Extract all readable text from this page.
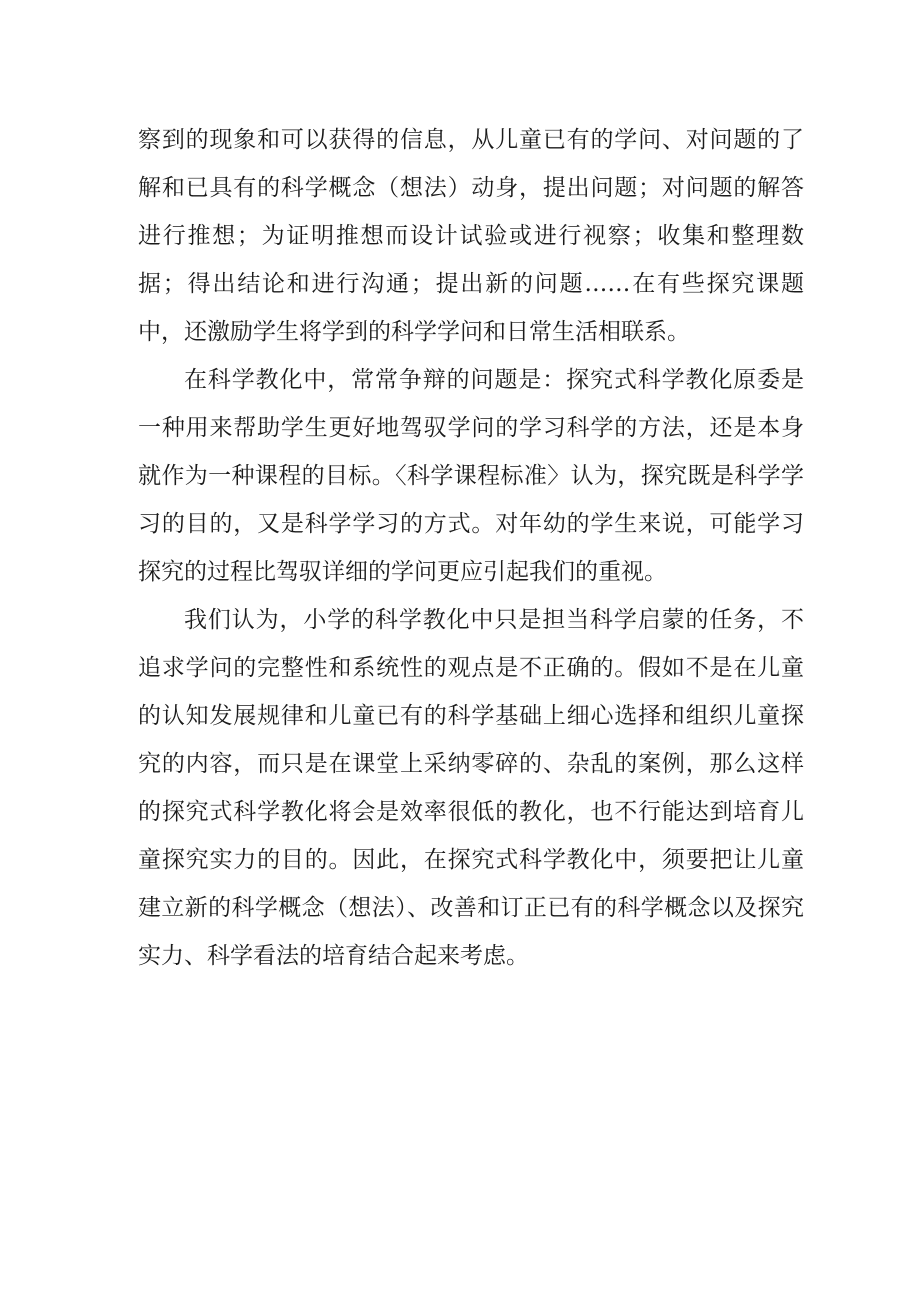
察到的现象和可以获得的信息，从儿童已有的学问、对问题的了解和已具有的科学概念（想法）动身，提出问题；对问题的解答进行推想；为证明推想而设计试验或进行视察；收集和整理数据；得出结论和进行沟通；提出新的问题……在有些探究课题中，还激励学生将学到的科学学问和日常生活相联系。

在科学教化中，常常争辩的问题是：探究式科学教化原委是一种用来帮助学生更好地驾驭学问的学习科学的方法，还是本身就作为一种课程的目标。〈科学课程标准〉认为，探究既是科学学习的目的，又是科学学习的方式。对年幼的学生来说，可能学习探究的过程比驾驭详细的学问更应引起我们的重视。

我们认为，小学的科学教化中只是担当科学启蒙的任务，不追求学问的完整性和系统性的观点是不正确的。假如不是在儿童的认知发展规律和儿童已有的科学基础上细心选择和组织儿童探究的内容，而只是在课堂上采纳零碎的、杂乱的案例，那么这样的探究式科学教化将会是效率很低的教化，也不行能达到培育儿童探究实力的目的。因此，在探究式科学教化中，须要把让儿童建立新的科学概念（想法）、改善和订正已有的科学概念以及探究实力、科学看法的培育结合起来考虑。
